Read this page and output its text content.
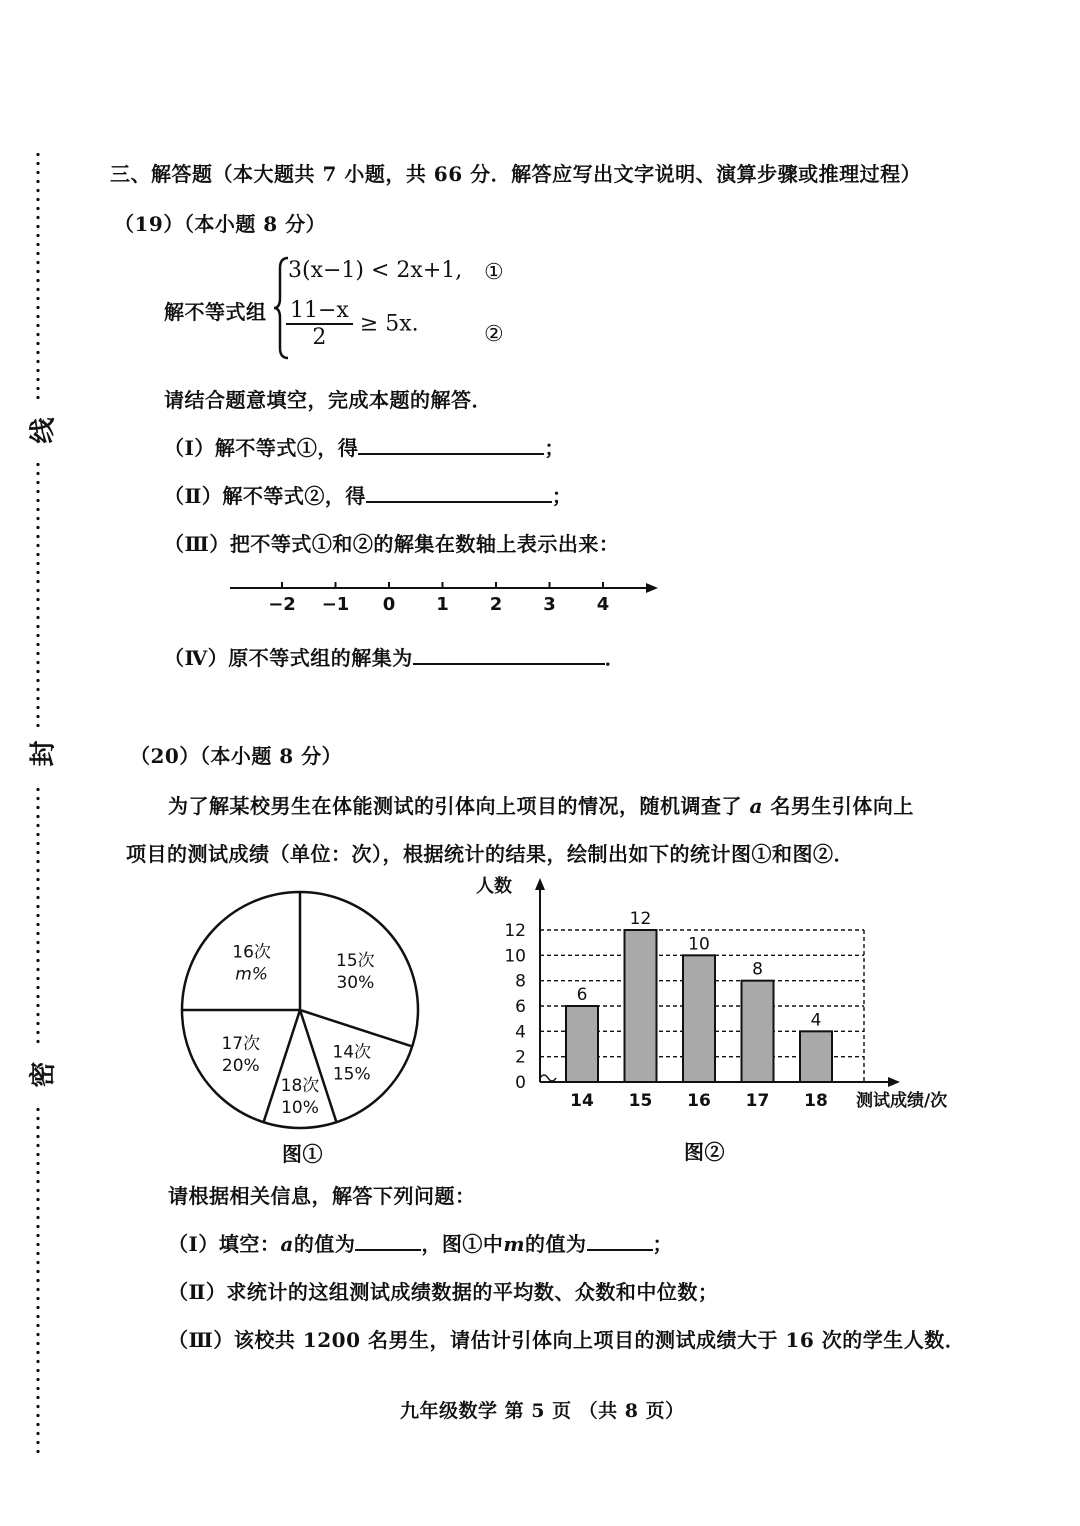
线
封
密
三、解答题（本大题共 7 小题，共 66 分．解答应写出文字说明、演算步骤或推理过程）
（19）（本小题 8 分）
解不等式组
3(x−1) < 2x+1, ①
$\frac{11-x}{2} \ge 5x$.	②
请结合题意填空，完成本题的解答．
（Ⅰ）解不等式①，得	；
（Ⅱ）解不等式②，得	；
（Ⅲ）把不等式①和②的解集在数轴上表示出来：
−2 −1 0 1 2 3 4
（Ⅳ）原不等式组的解集为	．
（20）（本小题 8 分）
为了解某校男生在体能测试的引体向上项目的情况，随机调查了 a 名男生引体向上
项目的测试成绩（单位：次），根据统计的结果，绘制出如下的统计图①和图②．
15次
30%
14次
15%
18次
10%
17次
20%
16次
m%
图①
人数
测试成绩/次
0
2
4
6
8
10
12
6
14
12
15
10
16
8
17
4
18
图②
请根据相关信息，解答下列问题：
（Ⅰ）填空：a的值为	，图①中m的值为	；
（Ⅱ）求统计的这组测试成绩数据的平均数、众数和中位数；
（Ⅲ）该校共 1200 名男生，请估计引体向上项目的测试成绩大于 16 次的学生人数．
九年级数学 第 5 页 （共 8 页）
